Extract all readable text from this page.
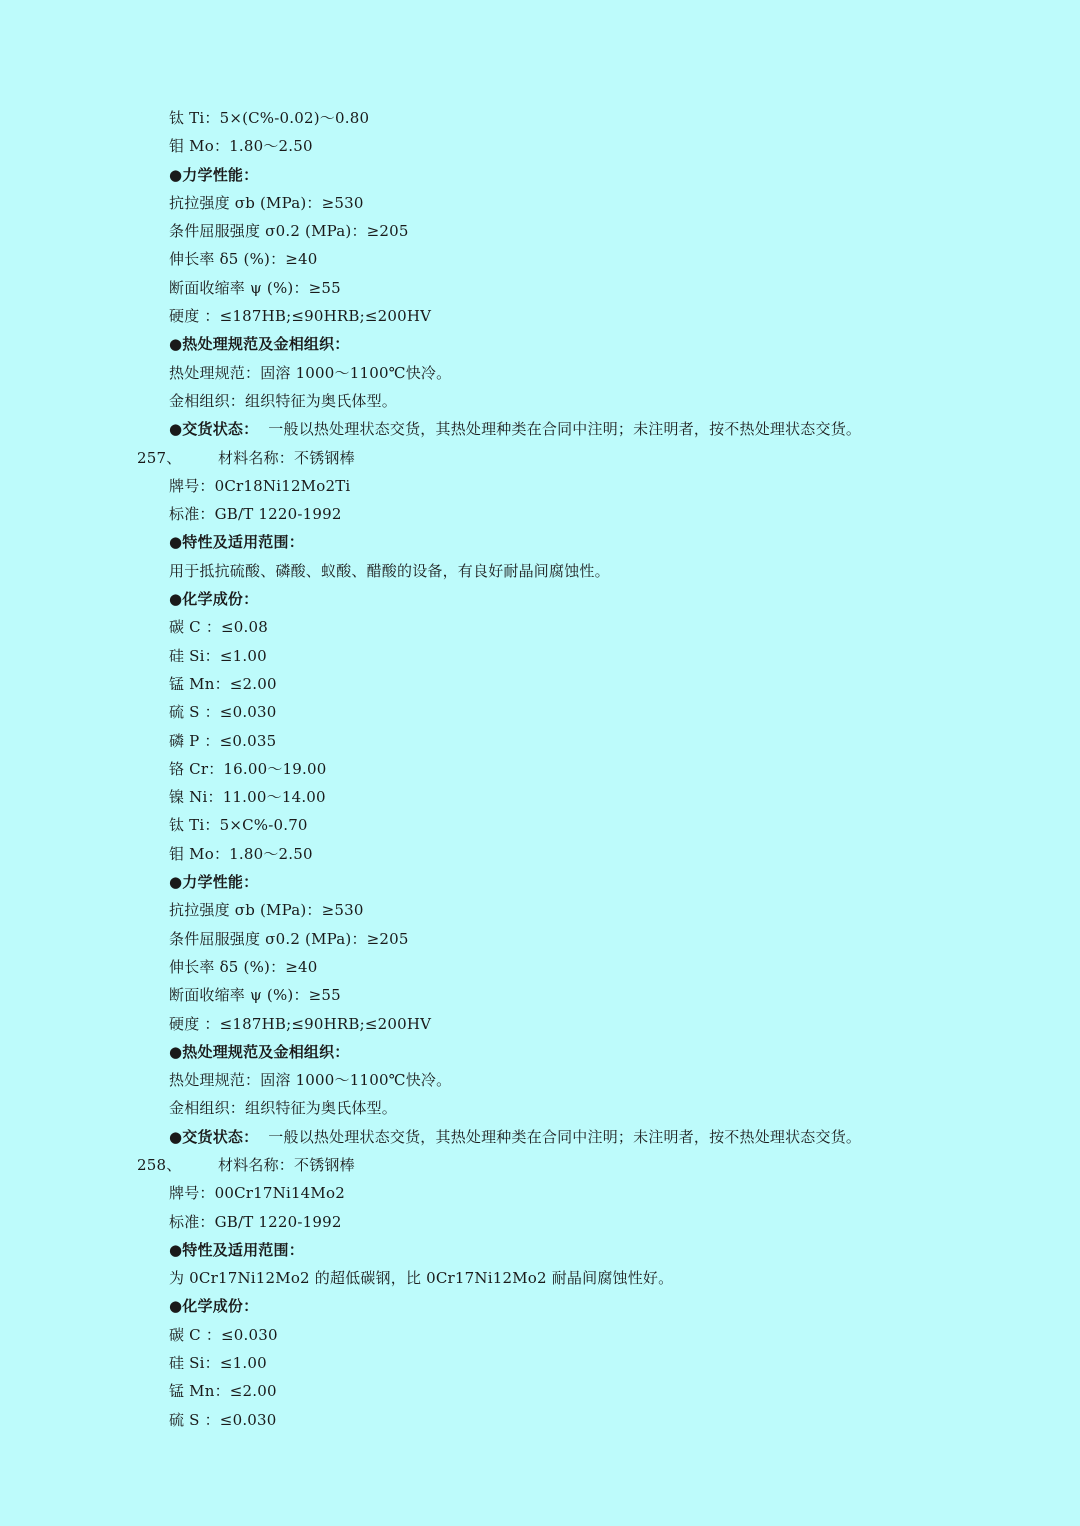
钛 Ti：5×(C%-0.02)～0.80
钼 Mo：1.80～2.50
●力学性能：
抗拉强度 σb (MPa)：≥530
条件屈服强度 σ0.2 (MPa)：≥205
伸长率 δ5 (%)：≥40
断面收缩率 ψ (%)：≥55
硬度 ：≤187HB;≤90HRB;≤200HV
●热处理规范及金相组织：
热处理规范：固溶 1000～1100℃快冷。
金相组织：组织特征为奥氏体型。
●交货状态： 一般以热处理状态交货，其热处理种类在合同中注明；未注明者，按不热处理状态交货。
257、 材料名称：不锈钢棒
牌号：0Cr18Ni12Mo2Ti
标准：GB/T 1220-1992
●特性及适用范围：
用于抵抗硫酸、磷酸、蚁酸、醋酸的设备，有良好耐晶间腐蚀性。
●化学成份：
碳 C ：≤0.08
硅 Si：≤1.00
锰 Mn：≤2.00
硫 S ：≤0.030
磷 P ：≤0.035
铬 Cr：16.00～19.00
镍 Ni：11.00～14.00
钛 Ti：5×C%-0.70
钼 Mo：1.80～2.50
●力学性能：
抗拉强度 σb (MPa)：≥530
条件屈服强度 σ0.2 (MPa)：≥205
伸长率 δ5 (%)：≥40
断面收缩率 ψ (%)：≥55
硬度 ：≤187HB;≤90HRB;≤200HV
●热处理规范及金相组织：
热处理规范：固溶 1000～1100℃快冷。
金相组织：组织特征为奥氏体型。
●交货状态： 一般以热处理状态交货，其热处理种类在合同中注明；未注明者，按不热处理状态交货。
258、 材料名称：不锈钢棒
牌号：00Cr17Ni14Mo2
标准：GB/T 1220-1992
●特性及适用范围：
为 0Cr17Ni12Mo2 的超低碳钢，比 0Cr17Ni12Mo2 耐晶间腐蚀性好。
●化学成份：
碳 C ：≤0.030
硅 Si：≤1.00
锰 Mn：≤2.00
硫 S ：≤0.030
